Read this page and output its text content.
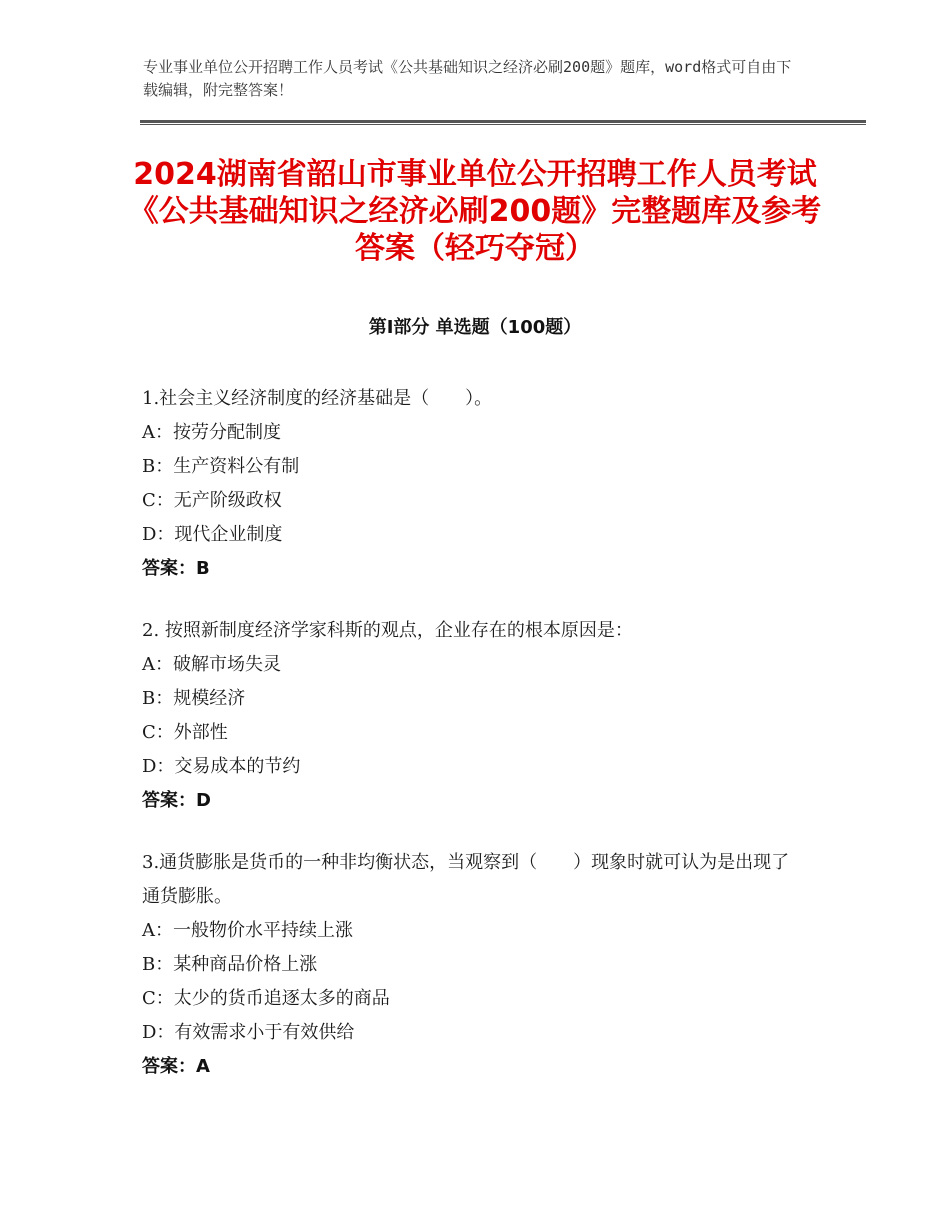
专业事业单位公开招聘工作人员考试《公共基础知识之经济必刷200题》题库，word格式可自由下载编辑，附完整答案！
2024湖南省韶山市事业单位公开招聘工作人员考试《公共基础知识之经济必刷200题》完整题库及参考答案（轻巧夺冠）
第Ⅰ部分 单选题（100题）
1.社会主义经济制度的经济基础是（　　）。
A：按劳分配制度
B：生产资料公有制
C：无产阶级政权
D：现代企业制度
答案：B
2. 按照新制度经济学家科斯的观点，企业存在的根本原因是：
A：破解市场失灵
B：规模经济
C：外部性
D：交易成本的节约
答案：D
3.通货膨胀是货币的一种非均衡状态，当观察到（　　）现象时就可认为是出现了通货膨胀。
A：一般物价水平持续上涨
B：某种商品价格上涨
C：太少的货币追逐太多的商品
D：有效需求小于有效供给
答案：A
